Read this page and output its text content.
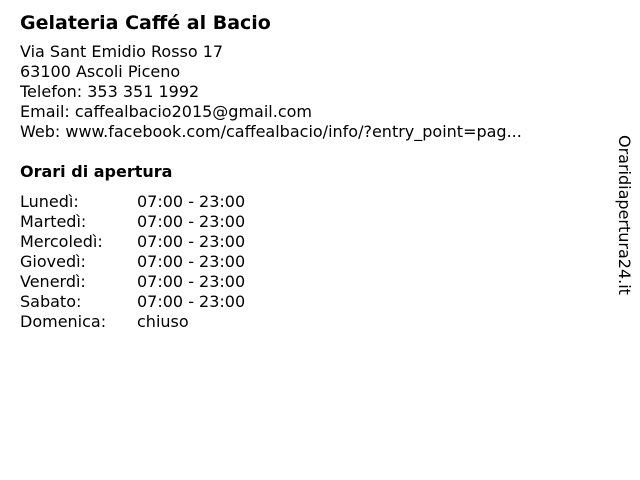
Gelateria Caffé al Bacio
Via Sant Emidio Rosso 17
63100 Ascoli Piceno
Telefon: 353 351 1992
Email: caffealbacio2015@gmail.com
Web: www.facebook.com/caffealbacio/info/?entry_point=pag...
Orari di apertura
Lunedì:	07:00 - 23:00
Martedì:	07:00 - 23:00
Mercoledì: 07:00 - 23:00
Giovedì:	07:00 - 23:00
Venerdì:	07:00 - 23:00
Sabato:	07:00 - 23:00
Domenica: chiuso
Oraridiapertura24.it
